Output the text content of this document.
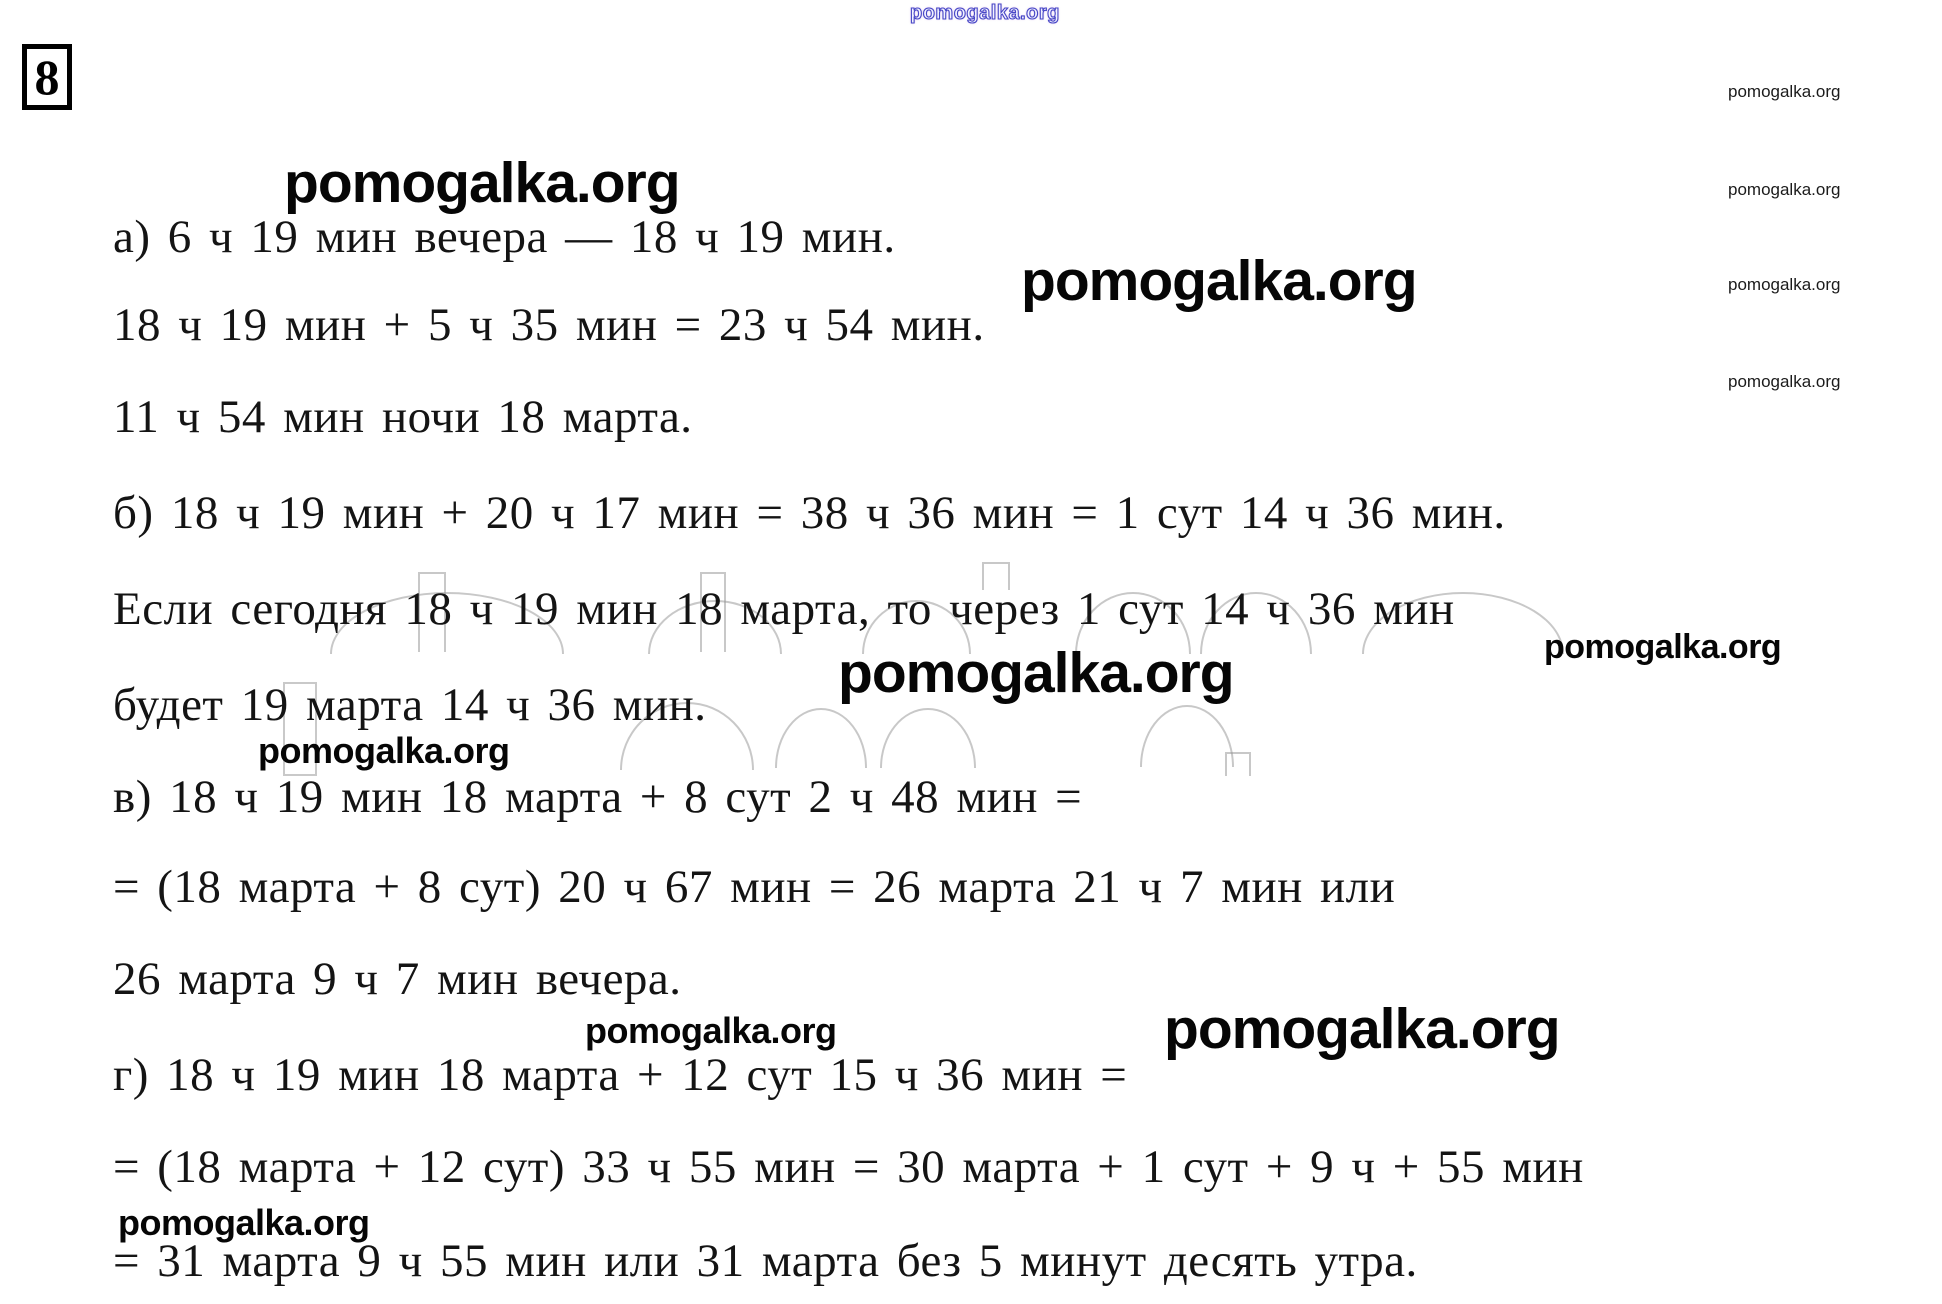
8
а) 6 ч 19 мин вечера — 18 ч 19 мин.
18 ч 19 мин + 5 ч 35 мин = 23 ч 54 мин.
11 ч 54 мин ночи 18 марта.
б) 18 ч 19 мин + 20 ч 17 мин = 38 ч 36 мин = 1 сут 14 ч 36 мин.
Если сегодня 18 ч 19 мин 18 марта, то через 1 сут 14 ч 36 мин
будет 19 марта 14 ч 36 мин.
в) 18 ч 19 мин 18 марта + 8 сут 2 ч 48 мин =
= (18 марта + 8 сут) 20 ч 67 мин = 26 марта 21 ч 7 мин или
26 марта 9 ч 7 мин вечера.
г) 18 ч 19 мин 18 марта + 12 сут 15 ч 36 мин =
= (18 марта + 12 сут) 33 ч 55 мин = 30 марта + 1 сут + 9 ч + 55 мин
= 31 марта 9 ч 55 мин или 31 марта без 5 минут десять утра.
pomogalka.org
pomogalka.org
pomogalka.org
pomogalka.org
pomogalka.org
pomogalka.org
pomogalka.org
pomogalka.org
pomogalka.org
pomogalka.org
pomogalka.org
pomogalka.org
pomogalka.org
